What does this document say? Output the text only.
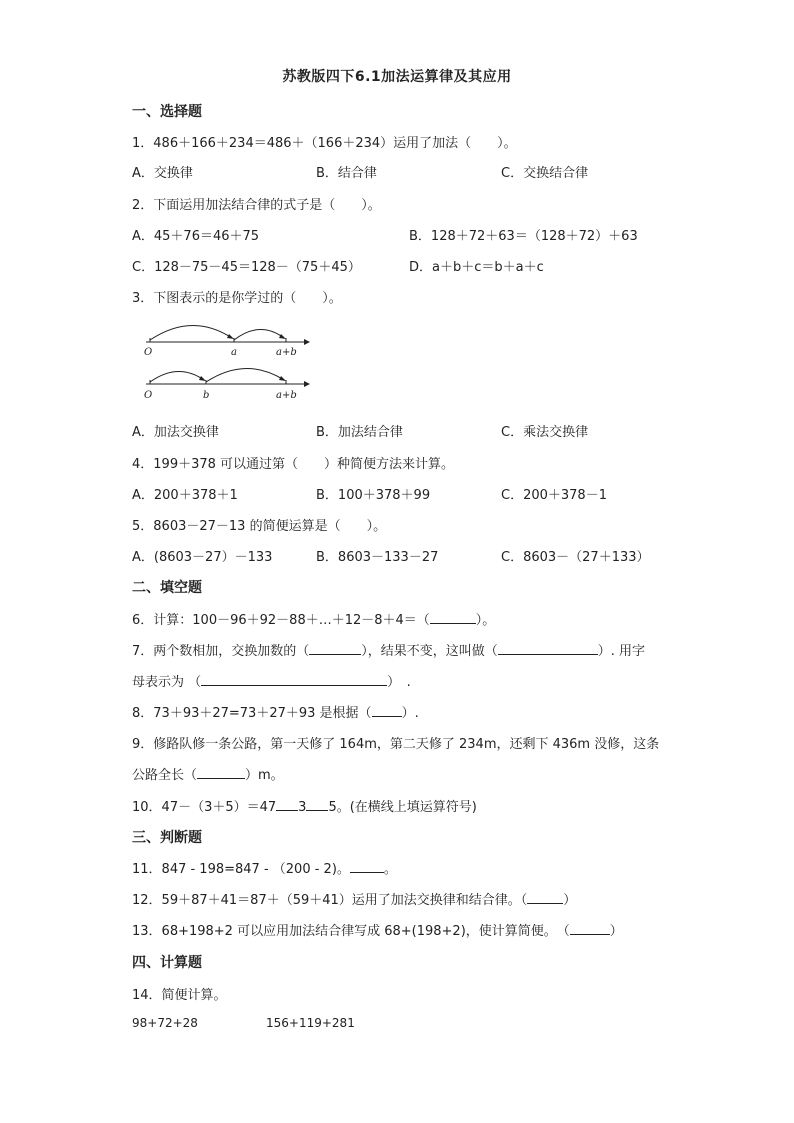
苏教版四下6.1加法运算律及其应用
一、选择题
1．486＋166＋234＝486＋（166＋234）运用了加法（　　）。
A．交换律	B．结合律	C．交换结合律
2．下面运用加法结合律的式子是（　　）。
A．45＋76＝46＋75	B．128＋72＋63＝（128＋72）＋63
C．128－75－45＝128－（75＋45）	D．a＋b＋c＝b＋a＋c
3．下图表示的是你学过的（　　）。
O	a	a+b
O	b	a+b
A．加法交换律	B．加法结合律	C．乘法交换律
4．199＋378 可以通过第（　　）种简便方法来计算。
A．200＋378＋1	B．100＋378＋99	C．200＋378－1
5．8603－27－13 的简便运算是（　　）。
A．(8603－27）－133	B．8603－133－27	C．8603－（27＋133）
二、填空题
6．计算：100－96＋92－88＋…＋12－8＋4＝（	）。
7．两个数相加，交换加数的（	），结果不变，这叫做（	）. 用字
母表示为 （	）　.
8．73＋93＋27=73＋27＋93 是根据（ ）.
9．修路队修一条公路，第一天修了 164m，第二天修了 234m，还剩下 436m 没修，这条
公路全长（	）m。
10．47－（3＋5）＝47 3 5。(在横线上填运算符号)
三、判断题
11．847 - 198=847 - （200 - 2)。	。
12．59＋87＋41＝87＋（59＋41）运用了加法交换律和结合律。（	）
13．68+198+2 可以应用加法结合律写成 68+(198+2)，使计算简便。　（	）
四、计算题
14．简便计算。
98+72+28	156+119+281
